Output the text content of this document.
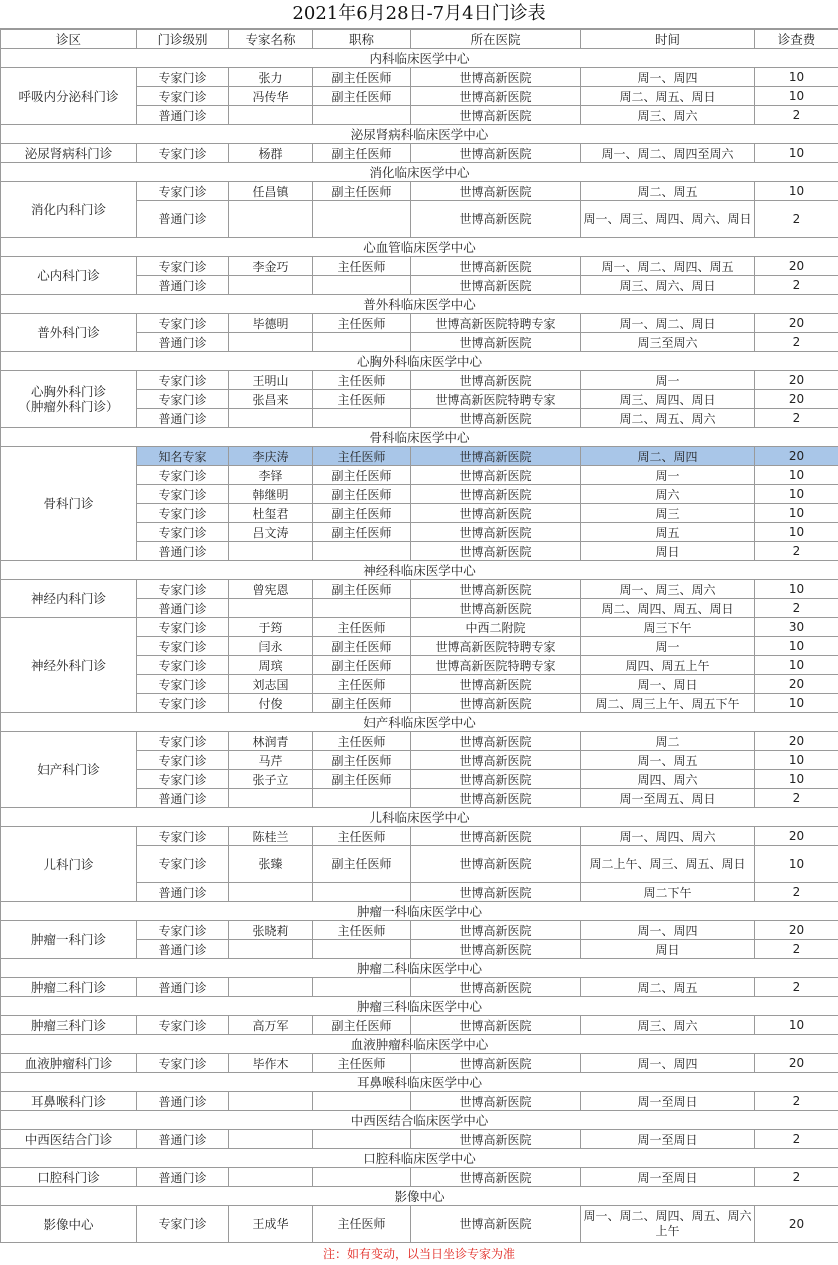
2021年6月28日-7月4日门诊表
诊区	门诊级别	专家名称	职称	所在医院	时间	诊查费
内科临床医学中心						
呼吸内分泌科门诊	专家门诊	张力	副主任医师	世博高新医院	周一、周四	10
	专家门诊	冯传华	副主任医师	世博高新医院	周二、周五、周日	10
	普通门诊			世博高新医院	周三、周六	2
泌尿肾病科临床医学中心						
泌尿肾病科门诊	专家门诊	杨群	副主任医师	世博高新医院	周一、周二、周四至周六	10
消化临床医学中心						
消化内科门诊	专家门诊	任昌镇	副主任医师	世博高新医院	周二、周五	10
	普通门诊			世博高新医院	周一、周三、周四、周六、周日	2
心血管临床医学中心						
心内科门诊	专家门诊	李金巧	主任医师	世博高新医院	周一、周二、周四、周五	20
	普通门诊			世博高新医院	周三、周六、周日	2
普外科临床医学中心						
普外科门诊	专家门诊	毕德明	主任医师	世博高新医院特聘专家	周一、周二、周日	20
	普通门诊			世博高新医院	周三至周六	2
心胸外科临床医学中心						
心胸外科门诊
（肿瘤外科门诊）	专家门诊	王明山	主任医师	世博高新医院	周一	20
	专家门诊	张昌来	主任医师	世博高新医院特聘专家	周三、周四、周日	20
	普通门诊			世博高新医院	周二、周五、周六	2
骨科临床医学中心						
骨科门诊	知名专家	李庆涛	主任医师	世博高新医院	周二、周四	20
	专家门诊	李铎	副主任医师	世博高新医院	周一	10
	专家门诊	韩继明	副主任医师	世博高新医院	周六	10
	专家门诊	杜玺君	副主任医师	世博高新医院	周三	10
	专家门诊	吕文涛	副主任医师	世博高新医院	周五	10
	普通门诊			世博高新医院	周日	2
神经科临床医学中心						
神经内科门诊	专家门诊	曾宪恩	副主任医师	世博高新医院	周一、周三、周六	10
	普通门诊			世博高新医院	周二、周四、周五、周日	2
神经外科门诊	专家门诊	于筠	主任医师	中西二附院	周三下午	30
	专家门诊	闫永	副主任医师	世博高新医院特聘专家	周一	10
	专家门诊	周瑸	副主任医师	世博高新医院特聘专家	周四、周五上午	10
	专家门诊	刘志国	主任医师	世博高新医院	周一、周日	20
	专家门诊	付俊	副主任医师	世博高新医院	周二、周三上午、周五下午	10
妇产科临床医学中心						
妇产科门诊	专家门诊	林润青	主任医师	世博高新医院	周二	20
	专家门诊	马芹	副主任医师	世博高新医院	周一、周五	10
	专家门诊	张子立	副主任医师	世博高新医院	周四、周六	10
	普通门诊			世博高新医院	周一至周五、周日	2
儿科临床医学中心						
儿科门诊	专家门诊	陈桂兰	主任医师	世博高新医院	周一、周四、周六	20
	专家门诊	张臻	副主任医师	世博高新医院	周二上午、周三、周五、周日	10
	普通门诊			世博高新医院	周二下午	2
肿瘤一科临床医学中心						
肿瘤一科门诊	专家门诊	张晓莉	主任医师	世博高新医院	周一、周四	20
	普通门诊			世博高新医院	周日	2
肿瘤二科临床医学中心						
肿瘤二科门诊	普通门诊			世博高新医院	周二、周五	2
肿瘤三科临床医学中心						
肿瘤三科门诊	专家门诊	高万军	副主任医师	世博高新医院	周三、周六	10
血液肿瘤科临床医学中心						
血液肿瘤科门诊	专家门诊	毕作木	主任医师	世博高新医院	周一、周四	20
耳鼻喉科临床医学中心						
耳鼻喉科门诊	普通门诊			世博高新医院	周一至周日	2
中西医结合临床医学中心						
中西医结合门诊	普通门诊			世博高新医院	周一至周日	2
口腔科临床医学中心						
口腔科门诊	普通门诊			世博高新医院	周一至周日	2
影像中心						
影像中心	专家门诊	王成华	主任医师	世博高新医院	周一、周二、周四、周五、周六上午	20
注：如有变动，以当日坐诊专家为准
